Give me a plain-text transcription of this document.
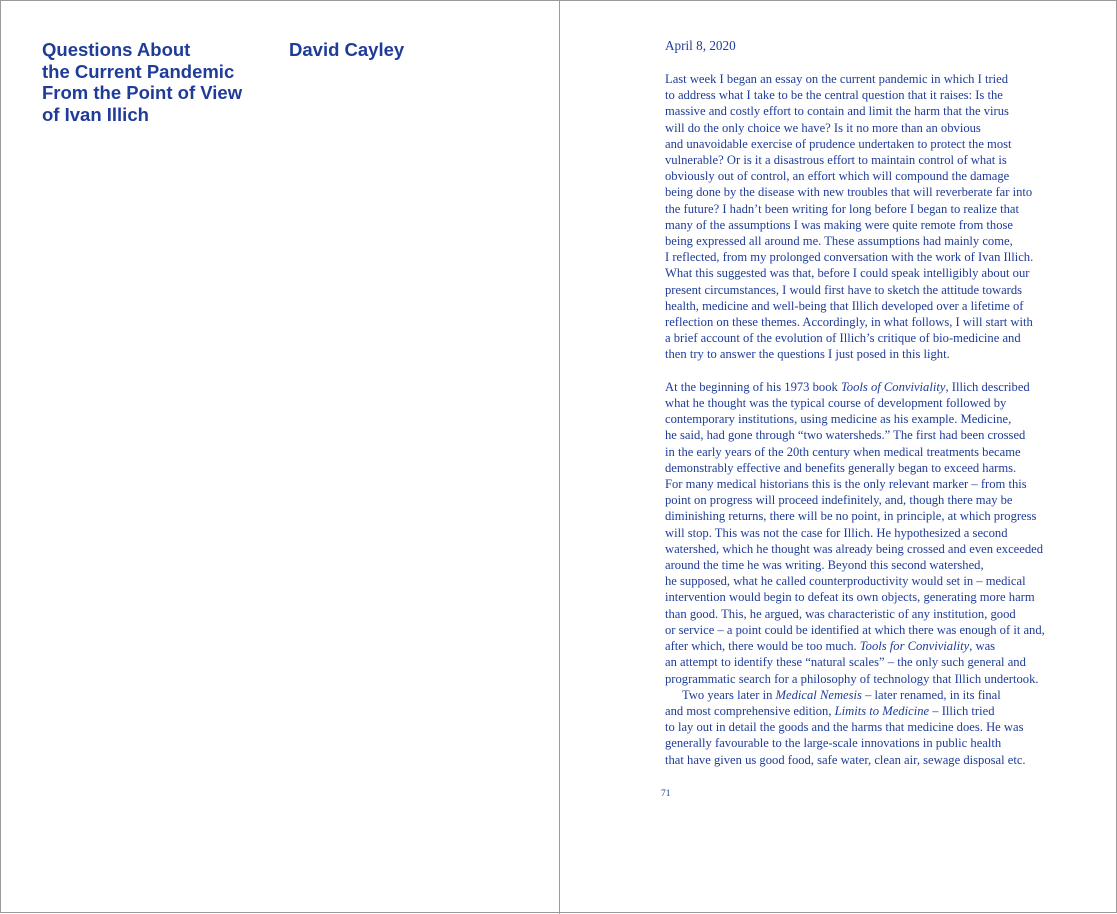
Questions About
the Current Pandemic
From the Point of View
of Ivan Illich
David Cayley	April 8, 2020

Last week I began an essay on the current pandemic in which I tried
to address what I take to be the central question that it raises: Is the
massive and costly effort to contain and limit the harm that the virus
will do the only choice we have? Is it no more than an obvious
and unavoidable exercise of prudence undertaken to protect the most
vulnerable? Or is it a disastrous effort to maintain control of what is
obviously out of control, an effort which will compound the damage
being done by the disease with new troubles that will reverberate far into
the future? I hadn’t been writing for long before I began to realize that
many of the assumptions I was making were quite remote from those
being expressed all around me. These assumptions had mainly come,
I reflected, from my prolonged conversation with the work of Ivan Illich.
What this suggested was that, before I could speak intelligibly about our
present circumstances, I would first have to sketch the attitude towards
health, medicine and well-being that Illich developed over a lifetime of
reflection on these themes. Accordingly, in what follows, I will start with
a brief account of the evolution of Illich’s critique of bio-medicine and
then try to answer the questions I just posed in this light.

At the beginning of his 1973 book Tools of Conviviality, Illich described
what he thought was the typical course of development followed by
contemporary institutions, using medicine as his example. Medicine,
he said, had gone through “two watersheds.” The first had been crossed
in the early years of the 20th century when medical treatments became
demonstrably effective and benefits generally began to exceed harms.
For many medical historians this is the only relevant marker – from this
point on progress will proceed indefinitely, and, though there may be
diminishing returns, there will be no point, in principle, at which progress
will stop. This was not the case for Illich. He hypothesized a second
watershed, which he thought was already being crossed and even exceeded
around the time he was writing. Beyond this second watershed,
he supposed, what he called counterproductivity would set in – medical
intervention would begin to defeat its own objects, generating more harm
than good. This, he argued, was characteristic of any institution, good
or service – a point could be identified at which there was enough of it and,
after which, there would be too much. Tools for Conviviality, was
an attempt to identify these “natural scales” – the only such general and
programmatic search for a philosophy of technology that Illich undertook.

Two years later in Medical Nemesis – later renamed, in its final
and most comprehensive edition, Limits to Medicine – Illich tried
to lay out in detail the goods and the harms that medicine does. He was
generally favourable to the large-scale innovations in public health
that have given us good food, safe water, clean air, sewage disposal etc.

71
